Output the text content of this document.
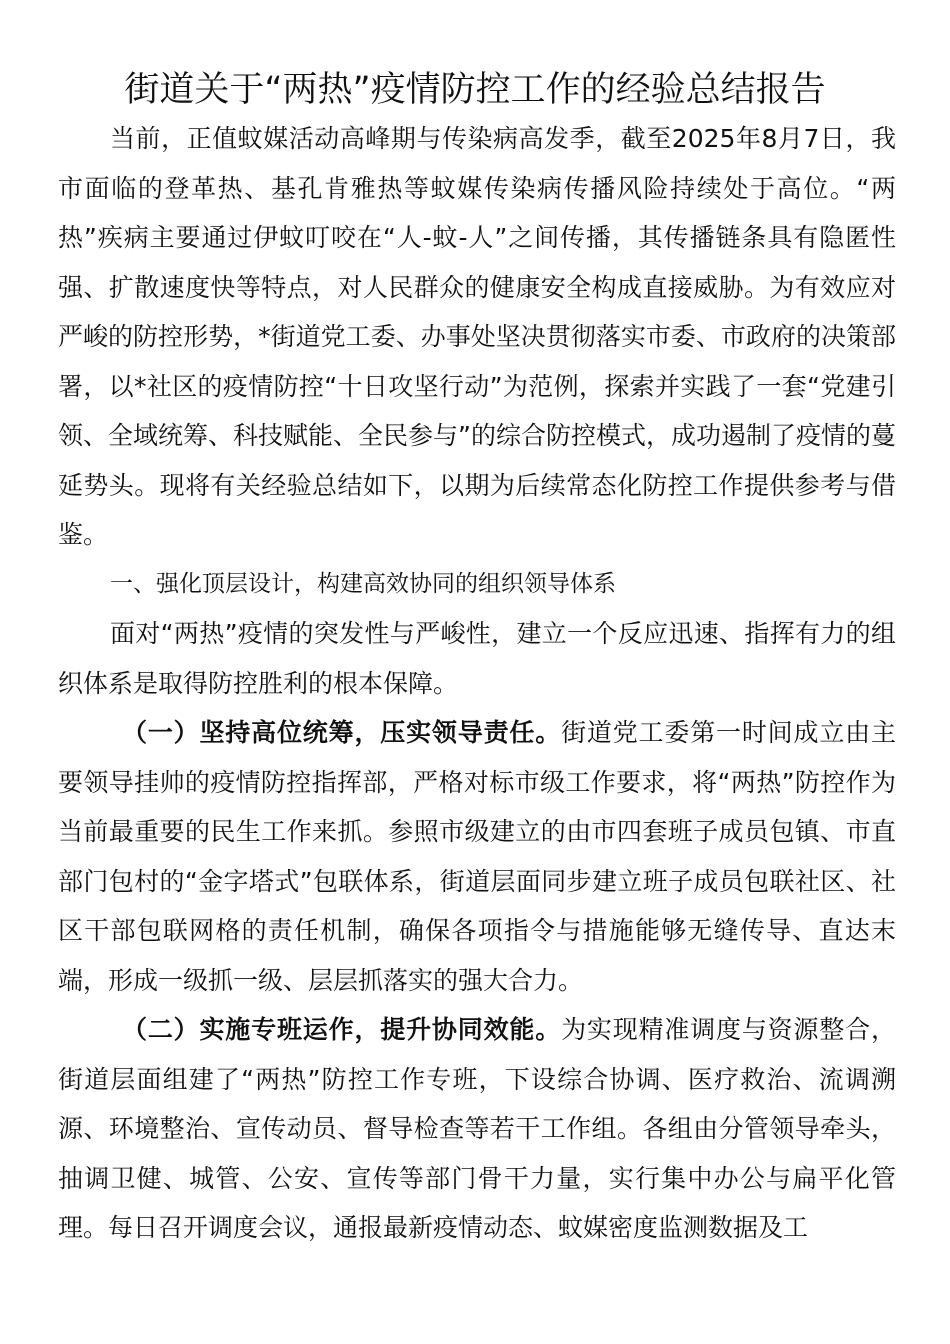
街道关于“两热”疫情防控工作的经验总结报告

当前，正值蚊媒活动高峰期与传染病高发季，截至2025年8月7日，我市面临的登革热、基孔肯雅热等蚊媒传染病传播风险持续处于高位。“两热”疾病主要通过伊蚊叮咬在“人-蚊-人”之间传播，其传播链条具有隐匿性强、扩散速度快等特点，对人民群众的健康安全构成直接威胁。为有效应对严峻的防控形势，*街道党工委、办事处坚决贯彻落实市委、市政府的决策部署，以*社区的疫情防控“十日攻坚行动”为范例，探索并实践了一套“党建引领、全域统筹、科技赋能、全民参与”的综合防控模式，成功遏制了疫情的蔓延势头。现将有关经验总结如下，以期为后续常态化防控工作提供参考与借鉴。

一、强化顶层设计，构建高效协同的组织领导体系

面对“两热”疫情的突发性与严峻性，建立一个反应迅速、指挥有力的组织体系是取得防控胜利的根本保障。

（一）坚持高位统筹，压实领导责任。街道党工委第一时间成立由主要领导挂帅的疫情防控指挥部，严格对标市级工作要求，将“两热”防控作为当前最重要的民生工作来抓。参照市级建立的由市四套班子成员包镇、市直部门包村的“金字塔式”包联体系，街道层面同步建立班子成员包联社区、社区干部包联网格的责任机制，确保各项指令与措施能够无缝传导、直达末端，形成一级抓一级、层层抓落实的强大合力。

（二）实施专班运作，提升协同效能。为实现精准调度与资源整合，街道层面组建了“两热”防控工作专班，下设综合协调、医疗救治、流调溯源、环境整治、宣传动员、督导检查等若干工作组。各组由分管领导牵头，抽调卫健、城管、公安、宣传等部门骨干力量，实行集中办公与扁平化管理。每日召开调度会议，通报最新疫情动态、蚊媒密度监测数据及工
